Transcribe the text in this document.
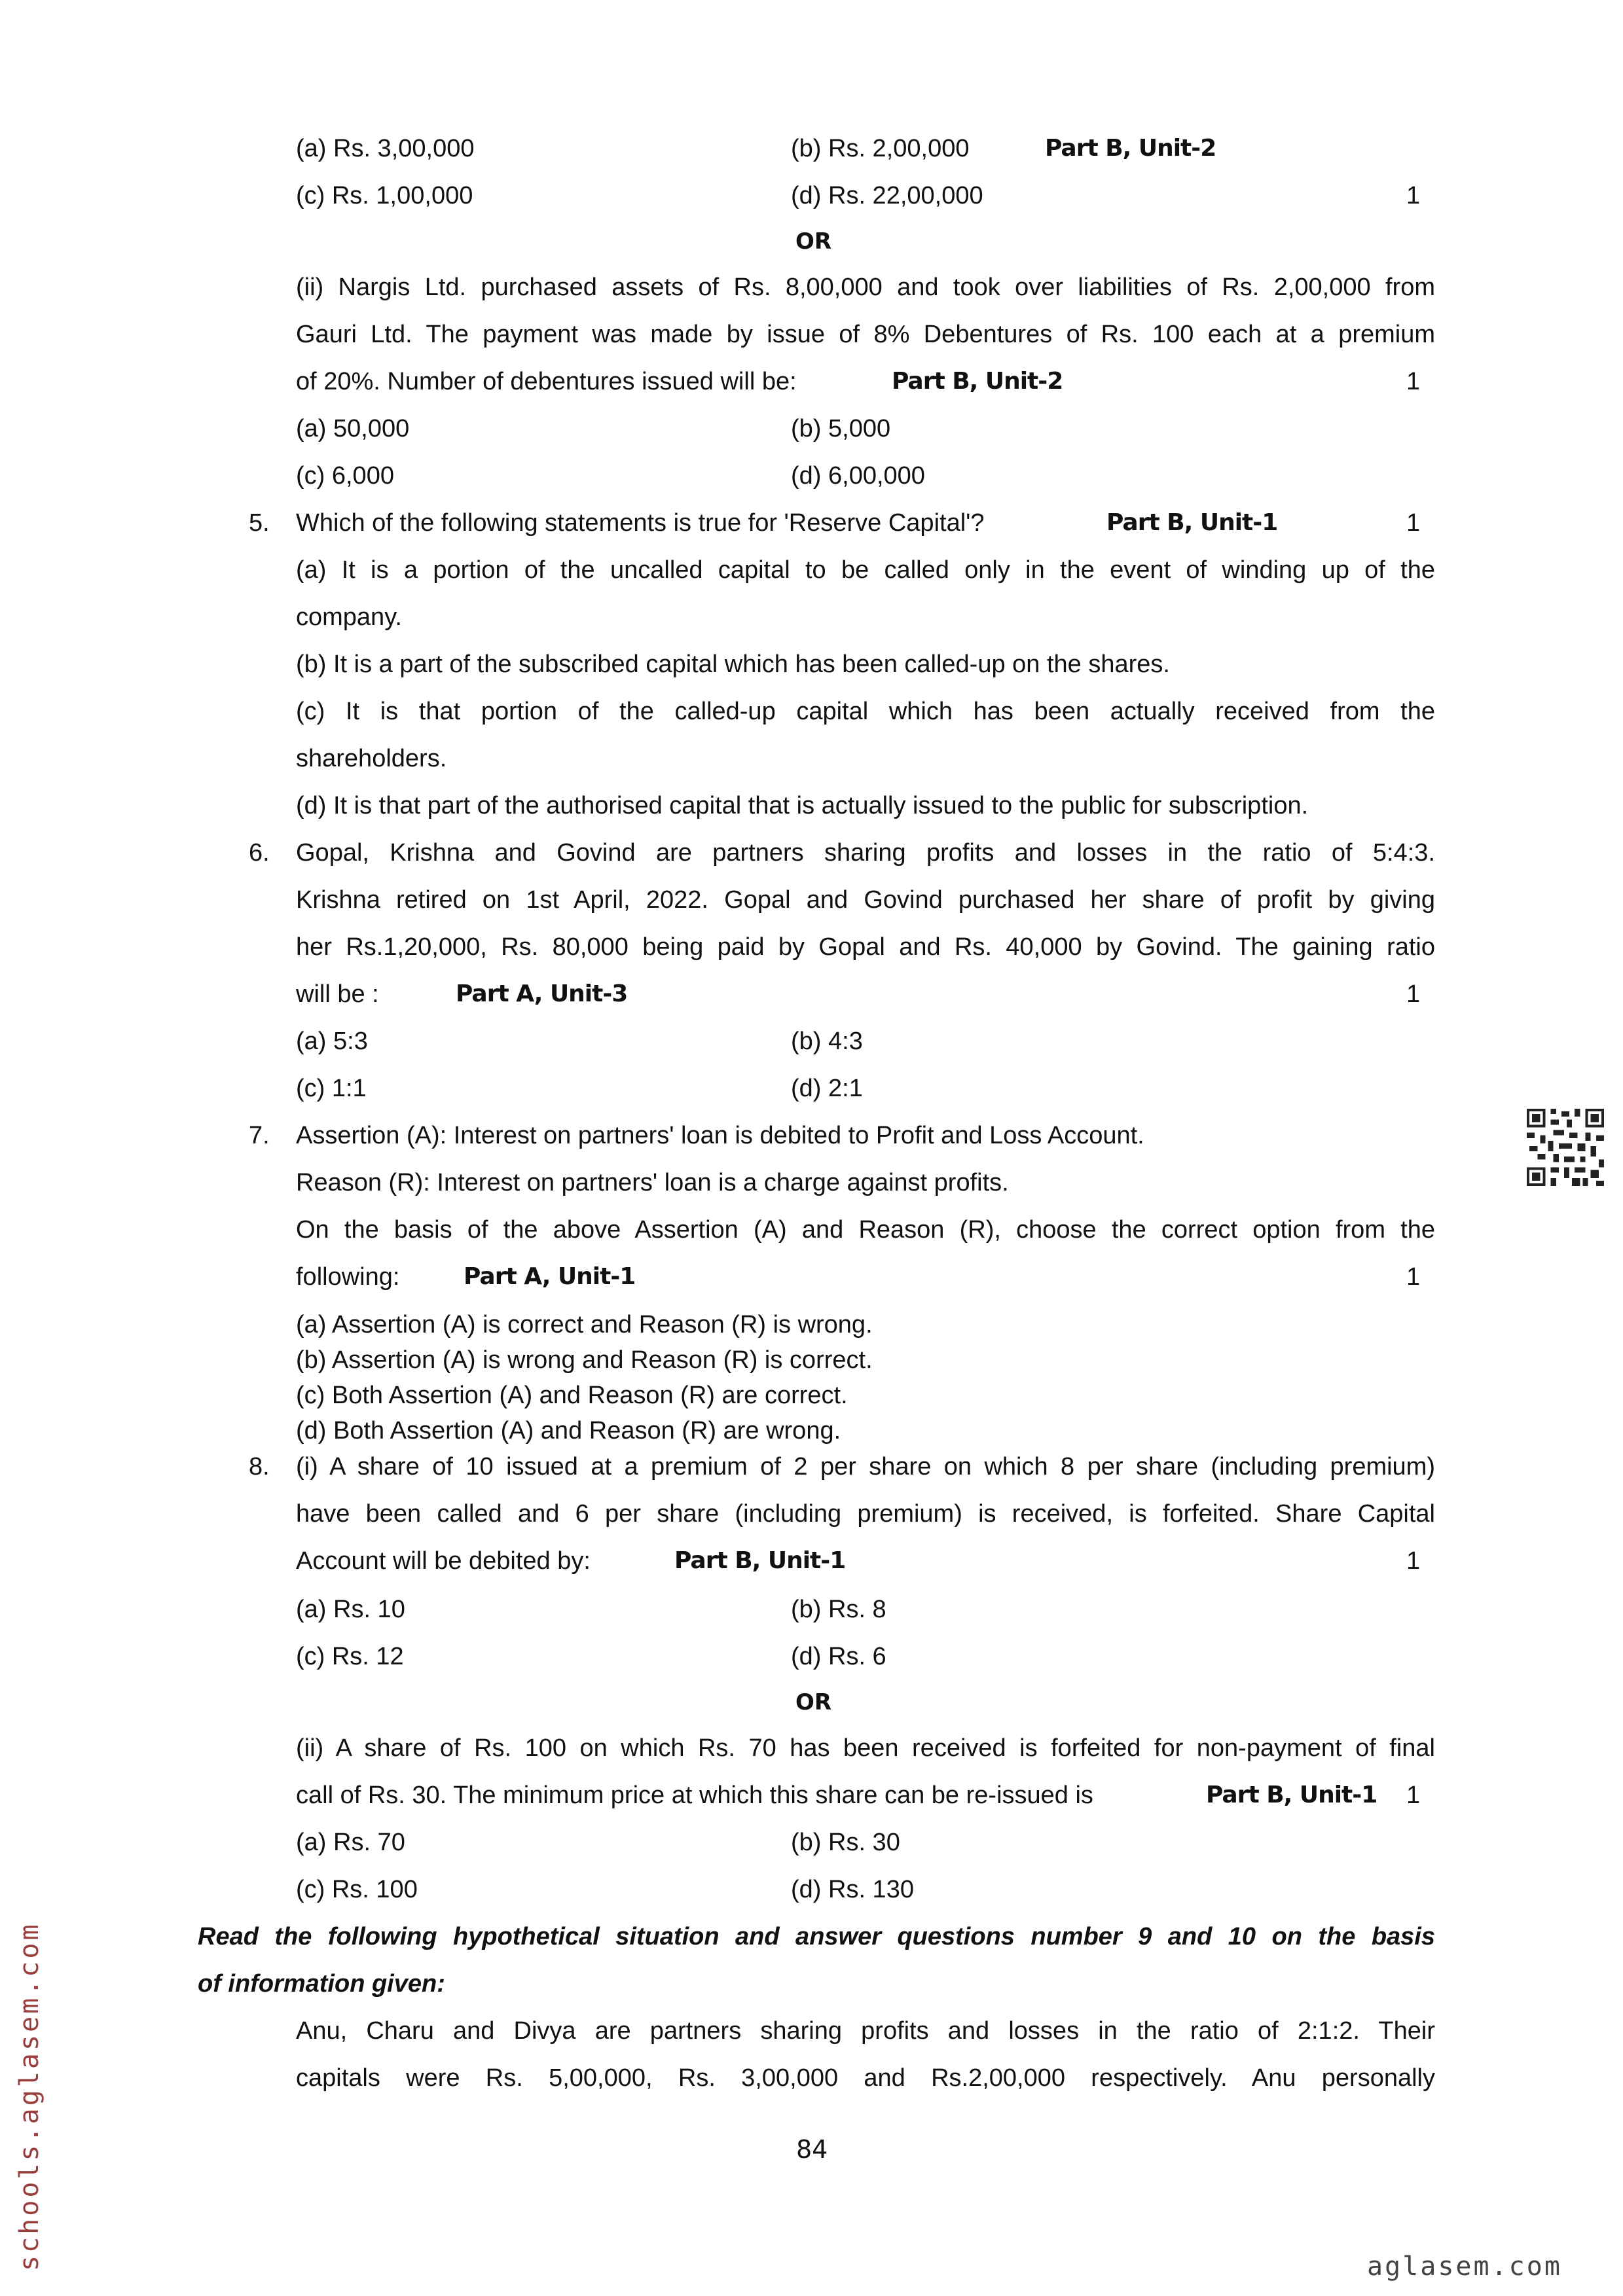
(a) Rs. 3,00,000	(b) Rs. 2,00,000	Part B, Unit-2
(c) Rs. 1,00,000	(d) Rs. 22,00,000	1
OR
(ii) Nargis Ltd. purchased assets of Rs. 8,00,000 and took over liabilities of Rs. 2,00,000 from
Gauri Ltd. The payment was made by issue of 8% Debentures of Rs. 100 each at a premium
of 20%. Number of debentures issued will be:	Part B, Unit-2	1
(a) 50,000	(b) 5,000
(c) 6,000	(d) 6,00,000
5. Which of the following statements is true for 'Reserve Capital'?	Part B, Unit-1	1
(a) It is a portion of the uncalled capital to be called only in the event of winding up of the
company.
(b) It is a part of the subscribed capital which has been called-up on the shares.
(c) It is that portion of the called-up capital which has been actually received from the
shareholders.
(d) It is that part of the authorised capital that is actually issued to the public for subscription.
6. Gopal, Krishna and Govind are partners sharing profits and losses in the ratio of 5:4:3.
Krishna retired on 1st April, 2022. Gopal and Govind purchased her share of profit by giving
her Rs.1,20,000, Rs. 80,000 being paid by Gopal and Rs. 40,000 by Govind. The gaining ratio
will be :	Part A, Unit-3	1
(a) 5:3	(b) 4:3
(c) 1:1	(d) 2:1
7. Assertion (A): Interest on partners' loan is debited to Profit and Loss Account.
Reason (R): Interest on partners' loan is a charge against profits.
On the basis of the above Assertion (A) and Reason (R), choose the correct option from the
following:	Part A, Unit-1	1
(a) Assertion (A) is correct and Reason (R) is wrong.
(b) Assertion (A) is wrong and Reason (R) is correct.
(c) Both Assertion (A) and Reason (R) are correct.
(d) Both Assertion (A) and Reason (R) are wrong.
8. (i) A share of 10 issued at a premium of 2 per share on which 8 per share (including premium)
have been called and 6 per share (including premium) is received, is forfeited. Share Capital
Account will be debited by:	Part B, Unit-1	1
(a) Rs. 10	(b) Rs. 8
(c) Rs. 12	(d) Rs. 6
OR
(ii) A share of Rs. 100 on which Rs. 70 has been received is forfeited for non-payment of final
call of Rs. 30. The minimum price at which this share can be re-issued is	Part B, Unit-1 1
(a) Rs. 70	(b) Rs. 30
(c) Rs. 100	(d) Rs. 130
Read the following hypothetical situation and answer questions number 9 and 10 on the basis
of information given:
Anu, Charu and Divya are partners sharing profits and losses in the ratio of 2:1:2. Their
capitals were Rs. 5,00,000, Rs. 3,00,000 and Rs.2,00,000 respectively. Anu personally
84
schools.aglasem.com	aglasem.com
